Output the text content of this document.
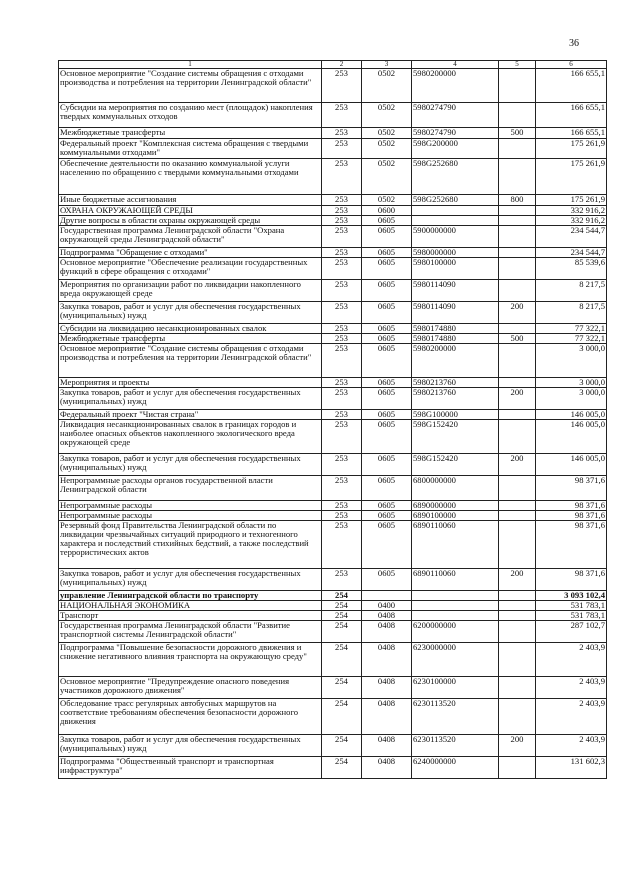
36
1	2	3	4	5	6
Основное мероприятие "Создание системы обращения с отходами производства и потребления на территории Ленинградской области"	253	0502	5980200000		166 655,1
Субсидии на мероприятия по созданию мест (площадок) накопления твердых коммунальных отходов	253	0502	5980274790		166 655,1
Межбюджетные трансферты	253	0502	5980274790	500	166 655,1
Федеральный проект "Комплексная система обращения с твердыми коммунальными отходами"	253	0502	598G200000		175 261,9
Обеспечение деятельности по оказанию коммунальной услуги населению по обращению с твердыми коммунальными отходами	253	0502	598G252680		175 261,9
Иные бюджетные ассигнования	253	0502	598G252680	800	175 261,9
ОХРАНА ОКРУЖАЮЩЕЙ СРЕДЫ	253	0600			332 916,2
Другие вопросы в области охраны окружающей среды	253	0605			332 916,2
Государственная программа Ленинградской области "Охрана окружающей среды Ленинградской области"	253	0605	5900000000		234 544,7
Подпрограмма "Обращение с отходами"	253	0605	5980000000		234 544,7
Основное мероприятие "Обеспечение реализации государственных функций в сфере обращения с отходами"	253	0605	5980100000		85 539,6
Мероприятия по организации работ по ликвидации накопленного вреда окружающей среде	253	0605	5980114090		8 217,5
Закупка товаров, работ и услуг для обеспечения государственных (муниципальных) нужд	253	0605	5980114090	200	8 217,5
Субсидии на ликвидацию несанкционированных свалок	253	0605	5980174880		77 322,1
Межбюджетные трансферты	253	0605	5980174880	500	77 322,1
Основное мероприятие "Создание системы обращения с отходами производства и потребления на территории Ленинградской области"	253	0605	5980200000		3 000,0
Мероприятия и проекты	253	0605	5980213760		3 000,0
Закупка товаров, работ и услуг для обеспечения государственных (муниципальных) нужд	253	0605	5980213760	200	3 000,0
Федеральный проект "Чистая страна"	253	0605	598G100000		146 005,0
Ликвидация несанкционированных свалок в границах городов и наиболее опасных объектов накопленного экологического вреда окружающей среде	253	0605	598G152420		146 005,0
Закупка товаров, работ и услуг для обеспечения государственных (муниципальных) нужд	253	0605	598G152420	200	146 005,0
Непрограммные расходы органов государственной власти Ленинградской области	253	0605	6800000000		98 371,6
Непрограммные расходы	253	0605	6890000000		98 371,6
Непрограммные расходы	253	0605	6890100000		98 371,6
Резервный фонд Правительства Ленинградской области по ликвидации чрезвычайных ситуаций природного и техногенного характера и последствий стихийных бедствий, а также последствий террористических актов	253	0605	6890110060		98 371,6
Закупка товаров, работ и услуг для обеспечения государственных (муниципальных) нужд	253	0605	6890110060	200	98 371,6
управление Ленинградской области по транспорту	254				3 093 102,4
НАЦИОНАЛЬНАЯ ЭКОНОМИКА	254	0400			531 783,1
Транспорт	254	0408			531 783,1
Государственная программа Ленинградской области "Развитие транспортной системы Ленинградской области"	254	0408	6200000000		287 102,7
Подпрограмма "Повышение безопасности дорожного движения и снижение негативного влияния транспорта на окружающую среду"	254	0408	6230000000		2 403,9
Основное мероприятие "Предупреждение опасного поведения участников дорожного движения"	254	0408	6230100000		2 403,9
Обследование трасс регулярных автобусных маршрутов на соответствие требованиям обеспечения безопасности дорожного движения	254	0408	6230113520		2 403,9
Закупка товаров, работ и услуг для обеспечения государственных (муниципальных) нужд	254	0408	6230113520	200	2 403,9
Подпрограмма "Общественный транспорт и транспортная инфраструктура"	254	0408	6240000000		131 602,3
